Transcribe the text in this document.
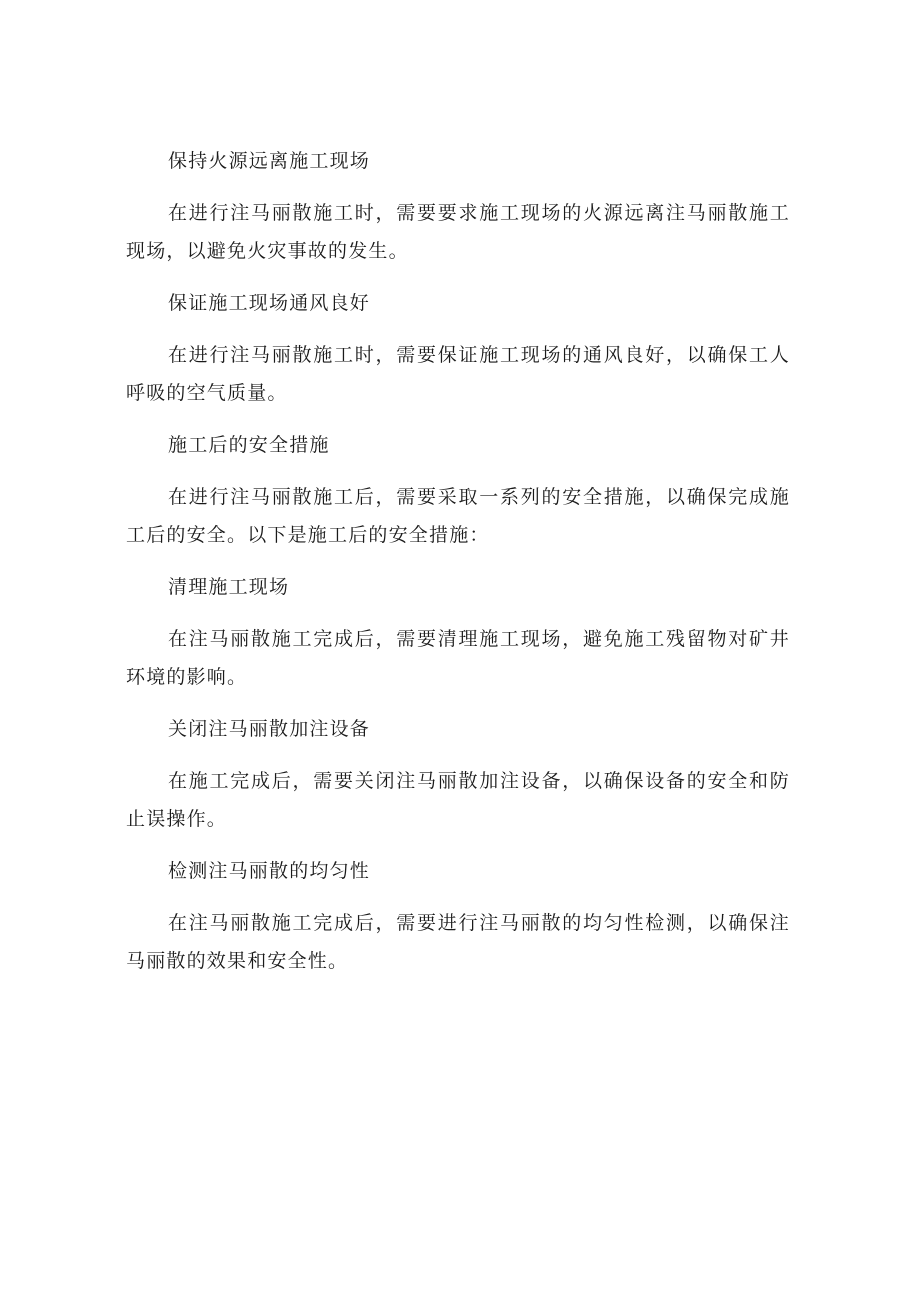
保持火源远离施工现场

在进行注马丽散施工时，需要要求施工现场的火源远离注马丽散施工现场，以避免火灾事故的发生。

保证施工现场通风良好

在进行注马丽散施工时，需要保证施工现场的通风良好，以确保工人呼吸的空气质量。

施工后的安全措施

在进行注马丽散施工后，需要采取一系列的安全措施，以确保完成施工后的安全。以下是施工后的安全措施：

清理施工现场

在注马丽散施工完成后，需要清理施工现场，避免施工残留物对矿井环境的影响。

关闭注马丽散加注设备

在施工完成后，需要关闭注马丽散加注设备，以确保设备的安全和防止误操作。

检测注马丽散的均匀性

在注马丽散施工完成后，需要进行注马丽散的均匀性检测，以确保注马丽散的效果和安全性。
